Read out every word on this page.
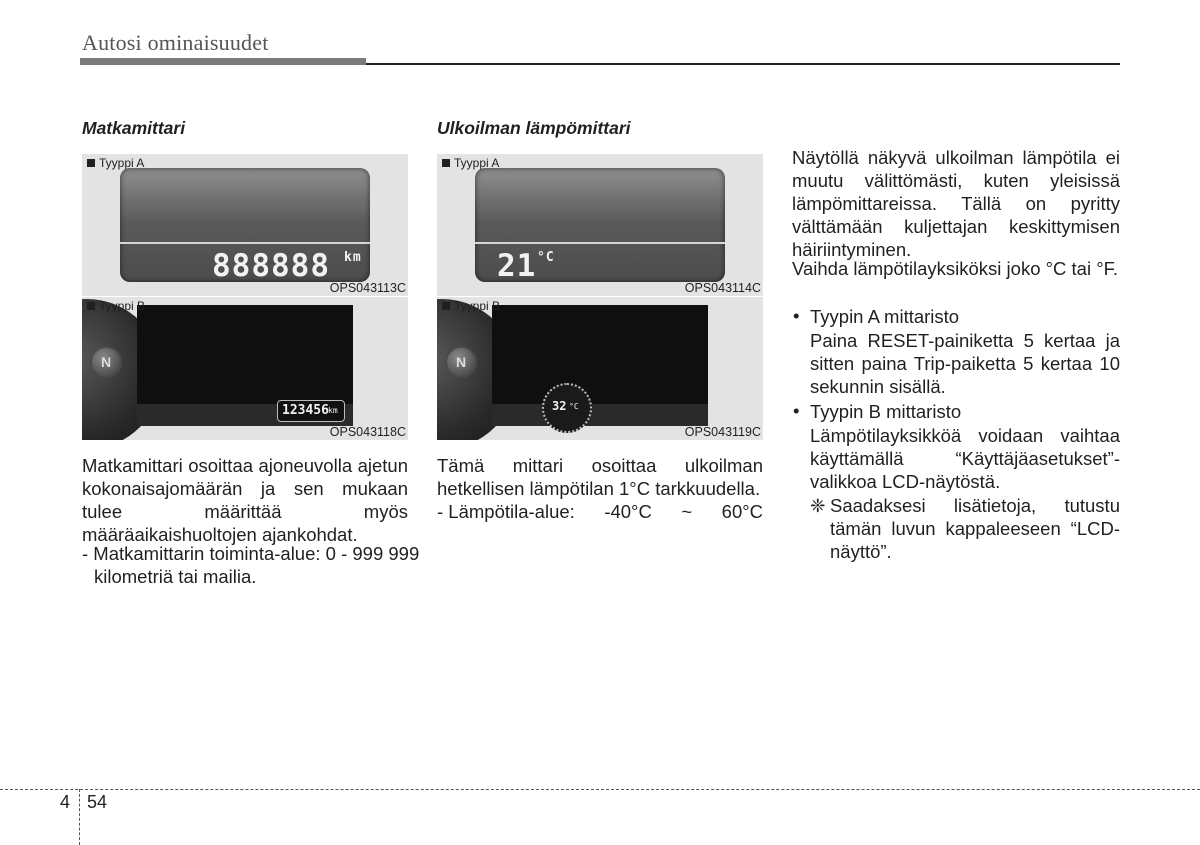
Autosi ominaisuudet
Matkamittari
Tyyppi A
888888 km
OPS043113C
N
123456 km
Tyyppi B
OPS043118C
Matkamittari osoittaa ajoneuvolla ajetun kokonaisajomäärän ja sen mukaan tulee määrittää myös määräaikaishuoltojen ajankohdat.
- Matkamittarin toiminta-alue: 0 - 999 999 kilometriä tai mailia.
Ulkoilman lämpömittari
21 °C
Tyyppi A
OPS043114C
N
32 °C
Tyyppi B
OPS043119C
Tämä mittari osoittaa ulkoilman hetkellisen lämpötilan 1°C tarkkuudella.
- Lämpötila-alue: -40°C ~ 60°C
Näytöllä näkyvä ulkoilman lämpötila ei muutu välittömästi, kuten yleisissä lämpömittareissa. Tällä on pyritty välttämään kuljettajan keskittymisen häiriintyminen.
Vaihda lämpötilayksiköksi joko °C tai °F.
• Tyypin A mittaristo
Paina RESET-painiketta 5 kertaa ja sitten paina Trip-paiketta 5 kertaa 10 sekunnin sisällä.
• Tyypin B mittaristo
Lämpötilayksikköä voidaan vaihtaa käyttämällä “Käyttäjäasetukset”-valikkoa LCD-näytöstä.
❈ Saadaksesi lisätietoja, tutustu tämän luvun kappaleeseen “LCD-näyttö”.
4 54
